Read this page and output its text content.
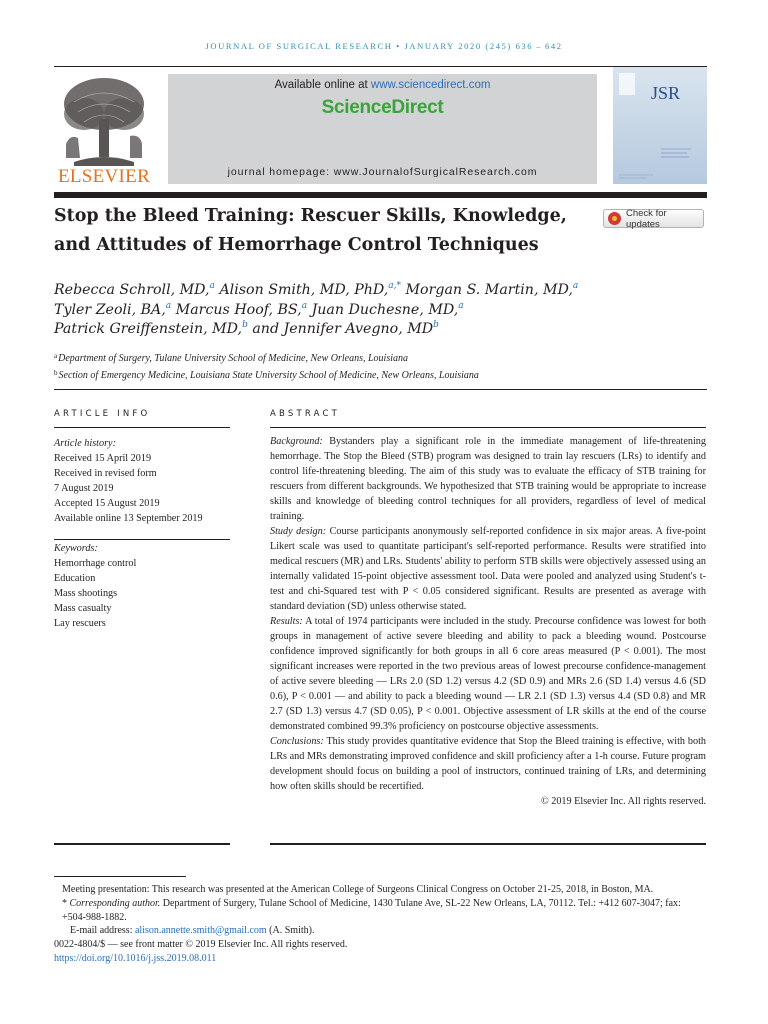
JOURNAL OF SURGICAL RESEARCH • JANUARY 2020 (245) 636 – 642
ELSEVIER
Available online at www.sciencedirect.com
ScienceDirect
journal homepage: www.JournalofSurgicalResearch.com
JSR
Stop the Bleed Training: Rescuer Skills, Knowledge, and Attitudes of Hemorrhage Control Techniques
Check for updates
Rebecca Schroll, MD,$^a$ Alison Smith, MD, PhD,$^{a,*}$ Morgan S. Martin, MD,$^a$
Tyler Zeoli, BA,$^a$ Marcus Hoof, BS,$^a$ Juan Duchesne, MD,$^a$
Patrick Greiffenstein, MD,$^b$ and Jennifer Avegno, MD$^b$
$^a$Department of Surgery, Tulane University School of Medicine, New Orleans, Louisiana
$^b$Section of Emergency Medicine, Louisiana State University School of Medicine, New Orleans, Louisiana
ARTICLE INFO	ABSTRACT
Article history:
Received 15 April 2019
Received in revised form
7 August 2019
Accepted 15 August 2019
Available online 13 September 2019
Keywords:
Hemorrhage control
Education
Mass shootings
Mass casualty
Lay rescuers

Background: Bystanders play a significant role in the immediate management of life-threatening hemorrhage. The Stop the Bleed (STB) program was designed to train lay rescuers (LRs) to identify and control life-threatening bleeding. The aim of this study was to evaluate the efficacy of STB training for rescuers from different backgrounds. We hypothesized that STB training would be appropriate to increase skills and knowledge of bleeding control techniques for all providers, regardless of level of medical training.

Study design: Course participants anonymously self-reported confidence in six major areas. A five-point Likert scale was used to quantitate participant's self-reported performance. Results were stratified into medical rescuers (MR) and LRs. Students' ability to perform STB skills were objectively assessed using an internally validated 15-point objective assessment tool. Data were pooled and analyzed using Student's t-test and chi-Squared test with P < 0.05 considered significant. Results are presented as average with standard deviation (SD) unless otherwise stated.

Results: A total of 1974 participants were included in the study. Precourse confidence was lowest for both groups in management of active severe bleeding and ability to pack a bleeding wound. Postcourse confidence improved significantly for both groups in all 6 core areas measured (P < 0.001). The most significant increases were reported in the two previous areas of lowest precourse confidence-management of active severe bleeding — LRs 2.0 (SD 1.2) versus 4.2 (SD 0.9) and MRs 2.6 (SD 1.4) versus 4.6 (SD 0.6), P < 0.001 — and ability to pack a bleeding wound — LR 2.1 (SD 1.3) versus 4.4 (SD 0.8) and MR 2.7 (SD 1.3) versus 4.7 (SD 0.05), P < 0.001. Objective assessment of LR skills at the end of the course demonstrated combined 99.3% proficiency on postcourse objective assessments.

Conclusions: This study provides quantitative evidence that Stop the Bleed training is effective, with both LRs and MRs demonstrating improved confidence and skill proficiency after a 1-h course. Future program development should focus on building a pool of instructors, continued training of LRs, and determining how often skills should be recertified.

© 2019 Elsevier Inc. All rights reserved.

Meeting presentation: This research was presented at the American College of Surgeons Clinical Congress on October 21-25, 2018, in Boston, MA.

* Corresponding author. Department of Surgery, Tulane School of Medicine, 1430 Tulane Ave, SL-22 New Orleans, LA, 70112. Tel.: +412 607-3047; fax: +504-988-1882.

E-mail address: alison.annette.smith@gmail.com (A. Smith).

0022-4804/$ — see front matter © 2019 Elsevier Inc. All rights reserved.

https://doi.org/10.1016/j.jss.2019.08.011
